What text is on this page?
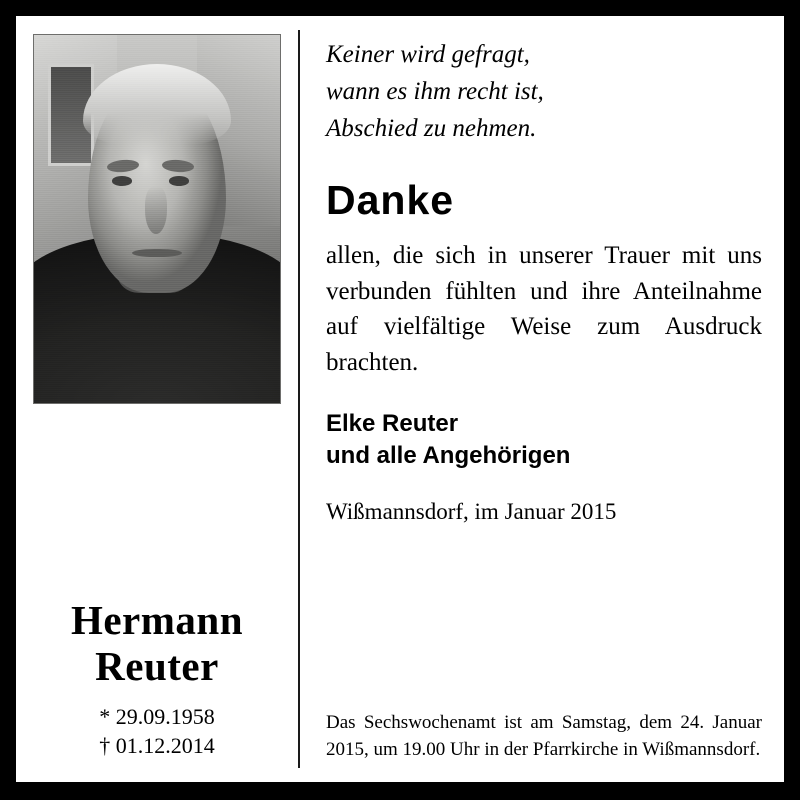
Hermann
Reuter
* 29.09.1958
† 01.12.2014
Keiner wird gefragt,
wann es ihm recht ist,
Abschied zu nehmen.
Danke
allen, die sich in unserer Trauer mit uns verbunden fühlten und ihre Anteilnahme auf vielfältige Weise zum Ausdruck brachten.
Elke Reuter
und alle Angehörigen
Wißmannsdorf, im Januar 2015
Das Sechswochenamt ist am Samstag, dem 24. Januar 2015, um 19.00 Uhr in der Pfarrkirche in Wißmannsdorf.
